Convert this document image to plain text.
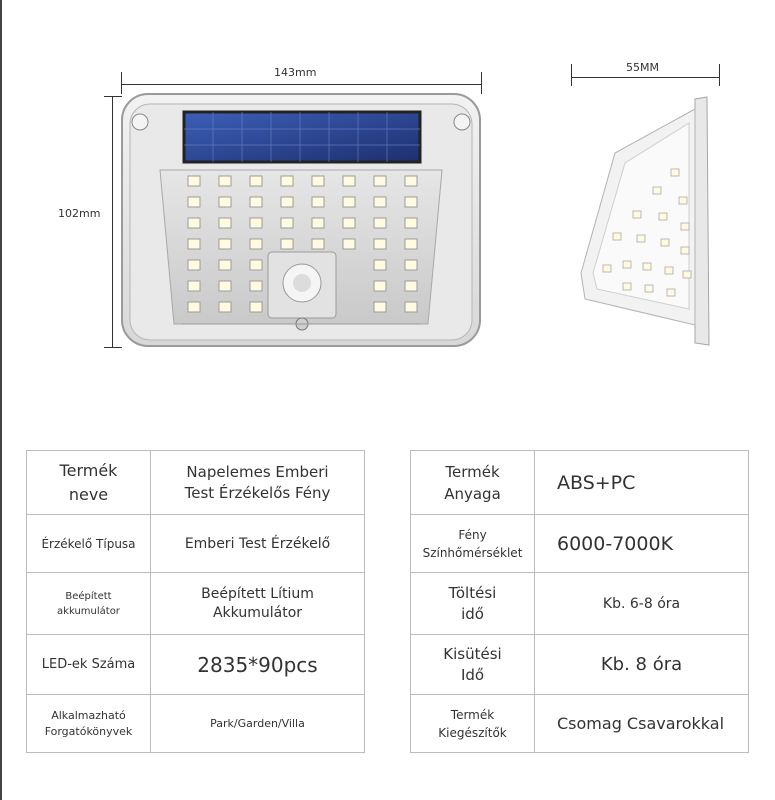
143mm
102mm
55MM
Termék
neve	Napelemes Emberi
Test Érzékelős Fény
Érzékelő Típusa	Emberi Test Érzékelő
Beépített
akkumulátor	Beépített Lítium
Akkumulátor
LED-ek Száma	2835*90pcs
Alkalmazható
Forgatókönyvek	Park/Garden/Villa
Termék
Anyaga	ABS+PC
Fény
Színhőmérséklet	6000-7000K
Töltési
idő	Kb. 6-8 óra
Kisütési
Idő	Kb. 8 óra
Termék
Kiegészítők	Csomag Csavarokkal
